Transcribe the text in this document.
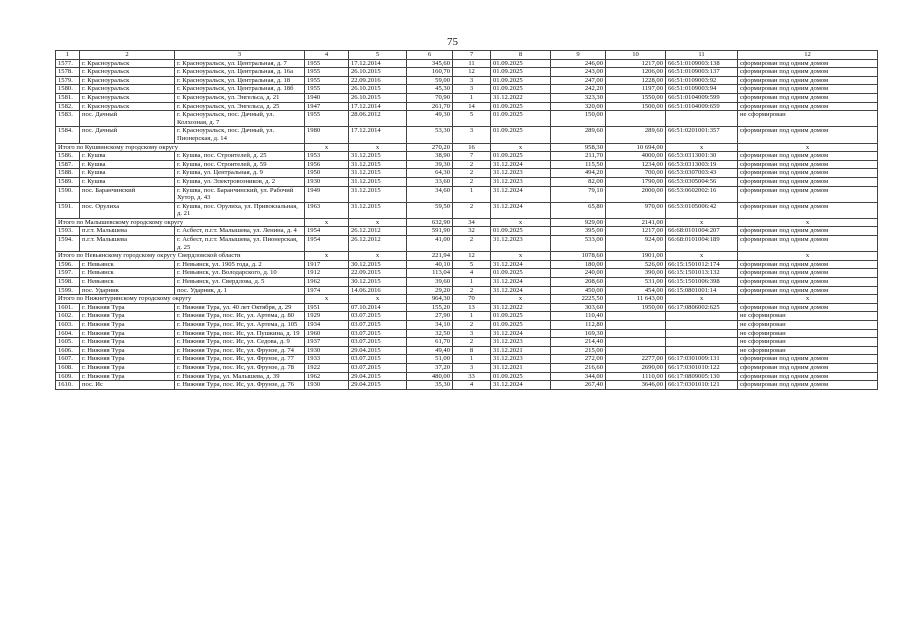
75
1	2	3	4	5	6	7	8	9	10	11	12
1577.	г. Красноуральск	г. Красноуральск, ул. Центральная, д. 7	1955	17.12.2014	345,60	11	01.09.2025	246,00	1217,00	66:51:0109003:138	сформирован под одним домом
1578.	г. Красноуральск	г. Красноуральск, ул. Центральная, д. 16а	1955	26.10.2015	160,70	12	01.09.2025	243,00	1206,00	66:51:0109003:137	сформирован под одним домом
1579.	г. Красноуральск	г. Красноуральск, ул. Центральная, д. 18	1955	22.09.2016	59,00	3	01.09.2025	247,00	1228,00	66:51:0109003:92	сформирован под одним домом
1580.	г. Красноуральск	г. Красноуральск, ул. Центральная, д. 18б	1955	26.10.2015	45,30	3	01.09.2025	242,20	1197,00	66:51:0109003:94	сформирован под одним домом
1581.	г. Красноуральск	г. Красноуральск, ул. Энгельса, д. 21	1940	26.10.2015	70,90	1	31.12.2022	323,30	1550,00	66:51:0104009:599	сформирован под одним домом
1582.	г. Красноуральск	г. Красноуральск, ул. Энгельса, д. 25	1947	17.12.2014	261,70	14	01.09.2025	320,00	1500,00	66:51:0104009:659	сформирован под одним домом
1583.	пос. Дачный	г. Красноуральск, пос. Дачный, ул. Колхозная, д. 7	1955	28.06.2012	49,30	5	01.09.2025	150,00			не сформирован
1584.	пос. Дачный	г. Красноуральск, пос. Дачный, ул. Пионерская, д. 14	1980	17.12.2014	53,30	3	01.09.2025	289,60	289,60	66:51:0201001:357	сформирован под одним домом
Итого по Кушвинскому городскому округу			x	x	270,20	16	x	958,30	10 694,00	x	x
1586.	г. Кушва	г. Кушва, пос. Строителей, д. 25	1953	31.12.2015	38,90	7	01.09.2025	211,70	4000,00	66:53:0313001:30	сформирован под одним домом
1587.	г. Кушва	г. Кушва, пос. Строителей, д. 59	1956	31.12.2015	39,30	2	31.12.2024	115,50	1234,00	66:53:0313003:19	сформирован под одним домом
1588.	г. Кушва	г. Кушва, ул. Центральная, д. 9	1950	31.12.2015	64,30	2	31.12.2023	494,20	700,00	66:53:0307003:43	сформирован под одним домом
1589.	г. Кушва	г. Кушва, ул. Электровозников, д. 2	1930	31.12.2015	33,60	2	31.12.2023	82,00	1790,00	66:53:0305004:56	сформирован под одним домом
1590.	пос. Баранчинский	г. Кушва, пос. Баранчинский, ул. Рабочий Хутор, д. 43	1949	31.12.2015	34,60	1	31.12.2024	79,10	2000,00	66:53:0602002:16	сформирован под одним домом
1591.	пос. Орулиха	г. Кушва, пос. Орулиха, ул. Привокзальная, д. 21	1963	31.12.2015	59,50	2	31.12.2024	65,80	970,00	66:53:0105006:42	сформирован под одним домом
Итого по Малышевскому городскому округу			x	x	632,90	34	x	929,00	2141,00	x	x
1593.	п.г.т. Малышева	г. Асбест, п.г.т. Малышева, ул. Ленина, д. 4	1954	26.12.2012	591,90	32	01.09.2025	395,00	1217,00	66:68:0101004:207	сформирован под одним домом
1594.	п.г.т. Малышева	г. Асбест, п.г.т. Малышева, ул. Пионерская, д. 25	1954	26.12.2012	41,00	2	31.12.2023	533,00	924,00	66:68:0101004:189	сформирован под одним домом
Итого по Невьянскому городскому округу Свердловской области			x	x	221,94	12	x	1078,60	1901,00	x	x
1596.	г. Невьянск	г. Невьянск, ул. 1905 года, д. 2	1917	30.12.2015	40,10	5	31.12.2024	180,00	526,00	66:15:1501012:174	сформирован под одним домом
1597.	г. Невьянск	г. Невьянск, ул. Володарского, д. 10	1912	22.09.2015	113,04	4	01.09.2025	240,00	390,00	66:15:1501013:132	сформирован под одним домом
1598.	г. Невьянск	г. Невьянск, ул. Свердлова, д. 5	1962	30.12.2015	39,60	1	31.12.2024	208,60	531,00	66:15:1501006:398	сформирован под одним домом
1599.	пос. Ударник	пос. Ударник, д. 1	1974	14.06.2016	29,20	2	31.12.2024	450,00	454,00	66:15:0801001:14	сформирован под одним домом
Итого по Нижнетуринскому городскому округу			x	x	964,30	70	x	2225,50	11 643,00	x	x
1601.	г. Нижняя Тура	г. Нижняя Тура, ул. 40 лет Октября, д. 29	1951	07.10.2014	155,20	13	31.12.2022	303,60	1950,00	66:17:0806002:625	сформирован под одним домом
1602.	г. Нижняя Тура	г. Нижняя Тура, пос. Ис, ул. Артема, д. 80	1929	03.07.2015	27,90	1	01.09.2025	110,40			не сформирован
1603.	г. Нижняя Тура	г. Нижняя Тура, пос. Ис, ул. Артема, д. 105	1934	03.07.2015	34,10	2	01.09.2025	112,80			не сформирован
1604.	г. Нижняя Тура	г. Нижняя Тура, пос. Ис, ул. Пушкина, д. 19	1960	03.07.2015	32,50	3	31.12.2024	169,30			не сформирован
1605.	г. Нижняя Тура	г. Нижняя Тура, пос. Ис, ул. Седова, д. 9	1937	03.07.2015	61,70	2	31.12.2023	214,40			не сформирован
1606.	г. Нижняя Тура	г. Нижняя Тура, пос. Ис, ул. Фрунзе, д. 74	1930	29.04.2015	49,40	8	31.12.2021	215,00			не сформирован
1607.	г. Нижняя Тура	г. Нижняя Тура, пос. Ис, ул. Фрунзе, д. 77	1933	03.07.2015	51,00	1	31.12.2023	272,00	2277,00	66:17:0301009:131	сформирован под одним домом
1608.	г. Нижняя Тура	г. Нижняя Тура, пос. Ис, ул. Фрунзе, д. 78	1922	03.07.2015	37,20	3	31.12.2021	216,60	2690,00	66:17:0301010:122	сформирован под одним домом
1609.	г. Нижняя Тура	г. Нижняя Тура, ул. Малышева, д. 39	1962	29.04.2015	480,00	33	01.09.2025	344,00	1110,00	66:17:0809005:130	сформирован под одним домом
1610.	пос. Ис	г. Нижняя Тура, пос. Ис, ул. Фрунзе, д. 76	1930	29.04.2015	35,30	4	31.12.2024	267,40	3646,00	66:17:0301010:121	сформирован под одним домом
